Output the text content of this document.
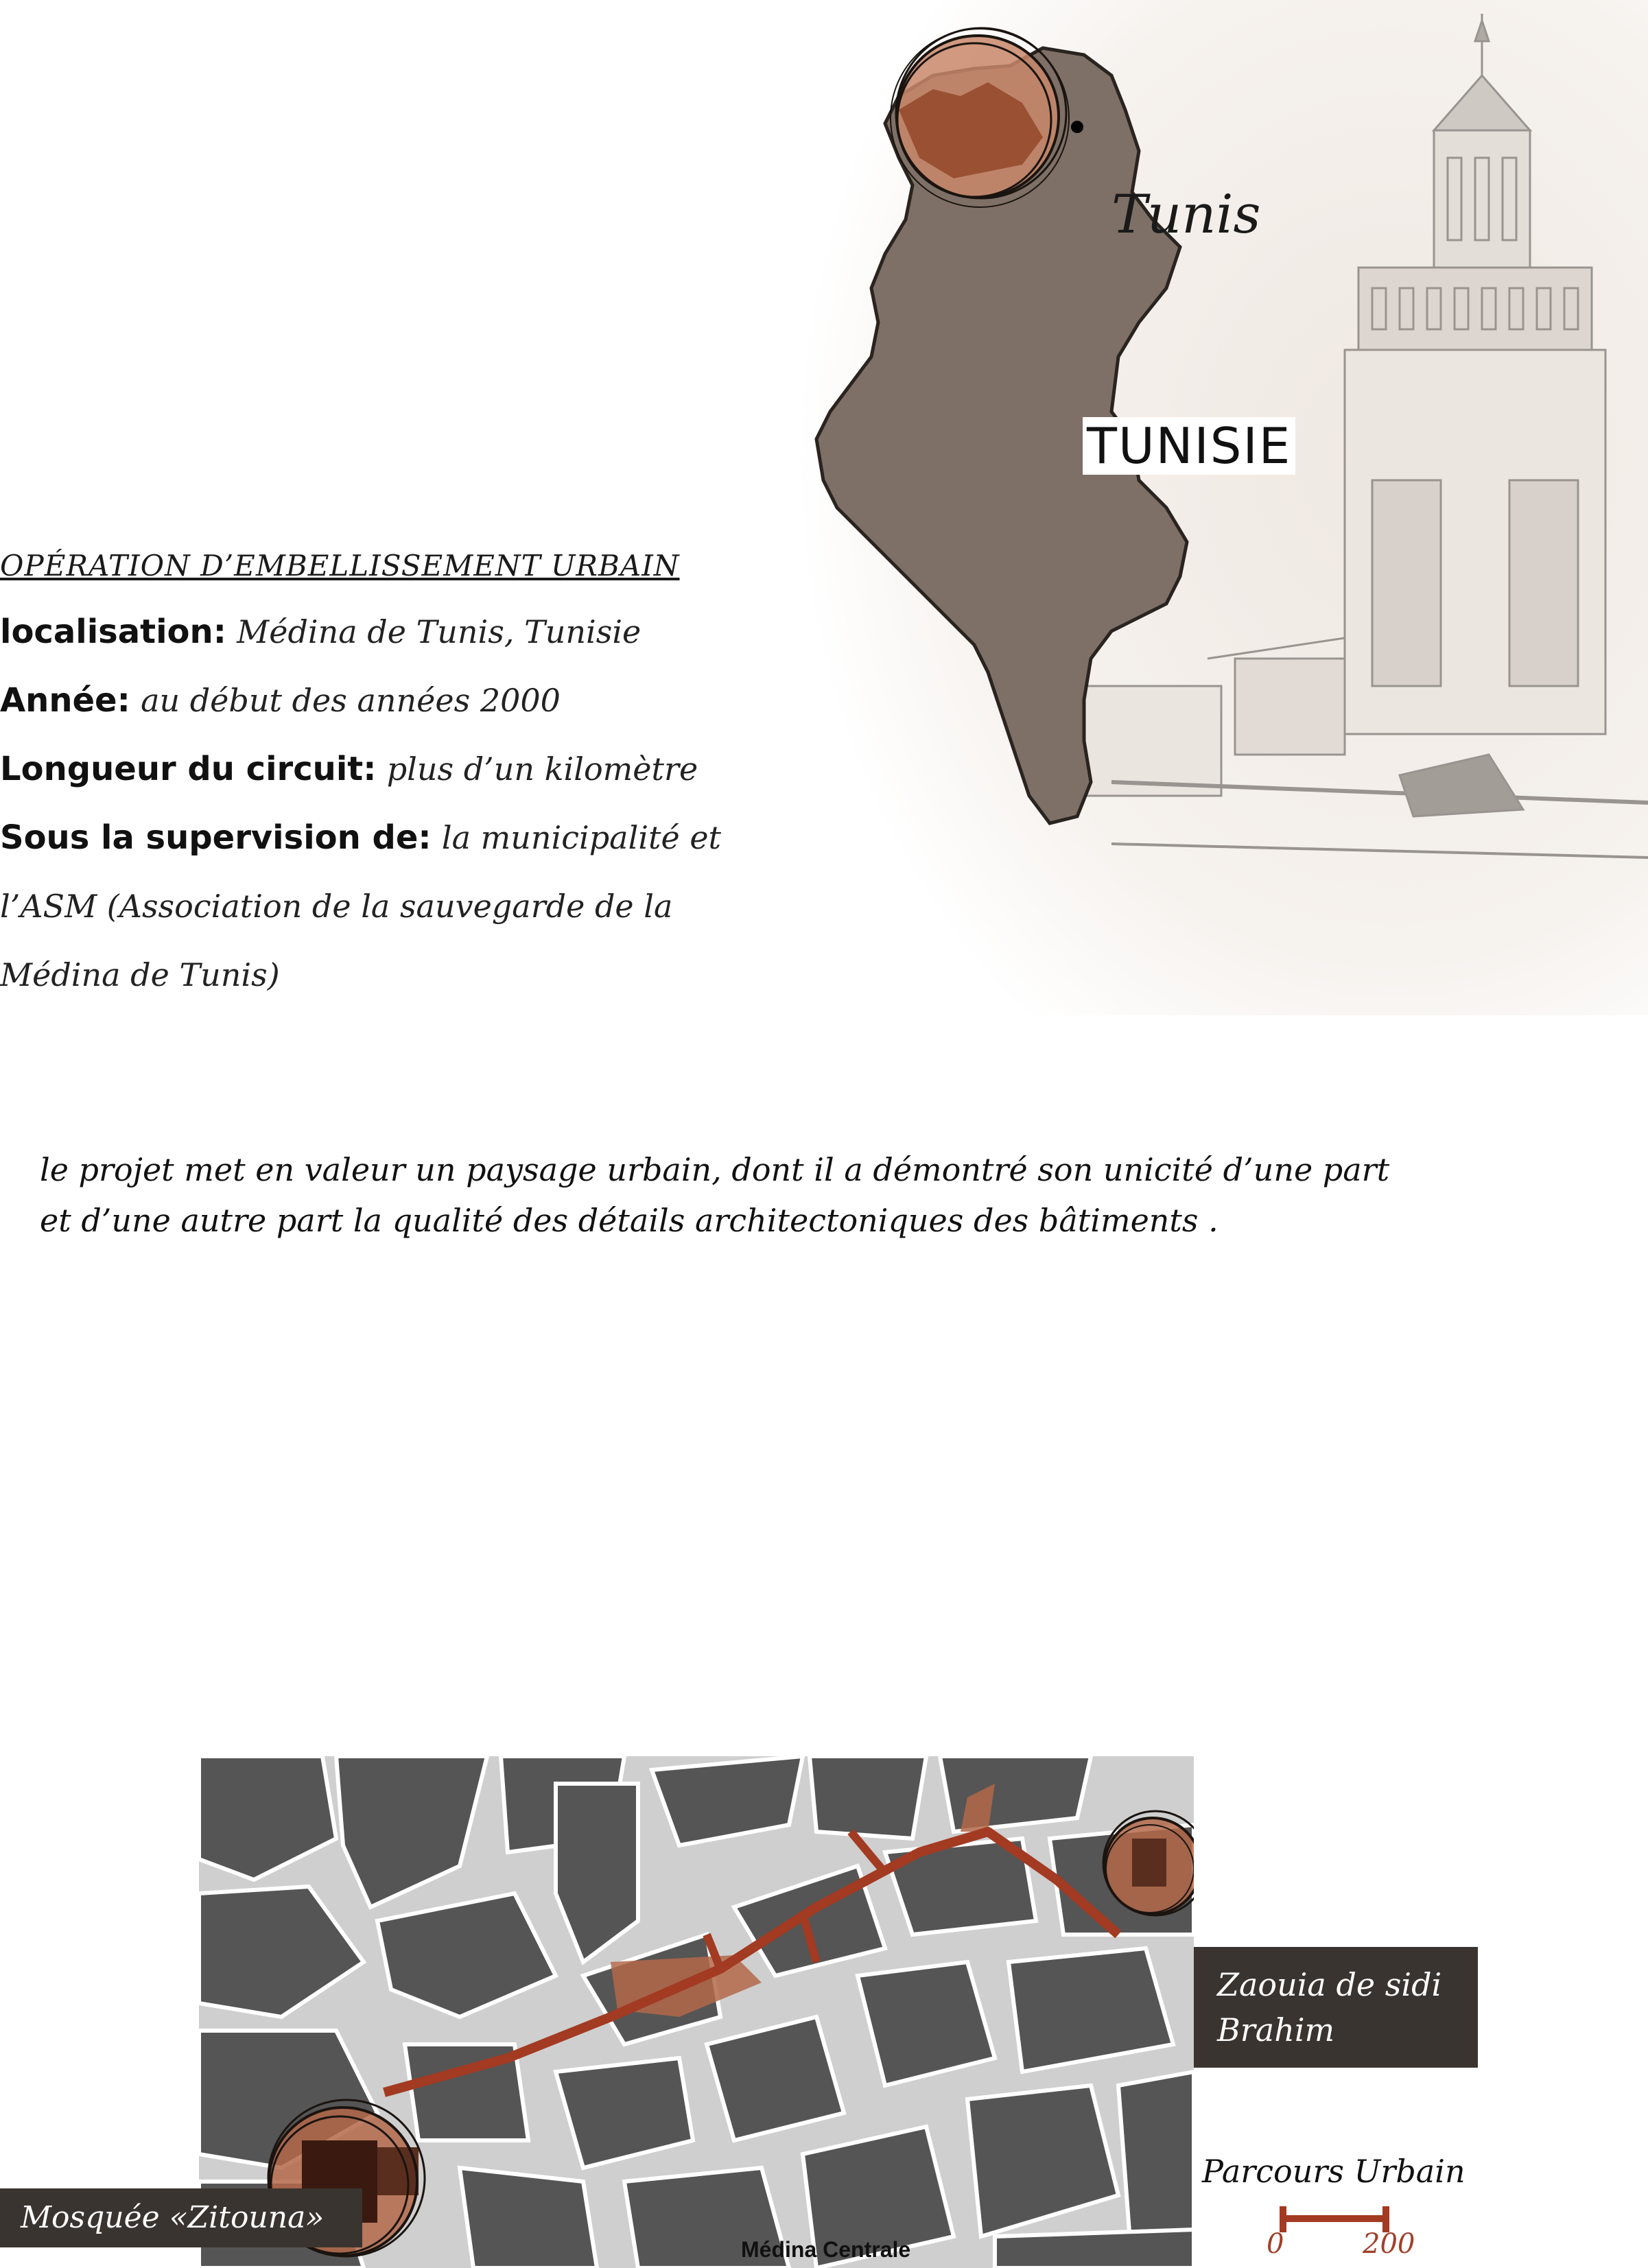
Tunis
TUNISIE
OPÉRATION D’EMBELLISSEMENT URBAIN
localisation: Médina de Tunis, Tunisie
Année: au début des années 2000
Longueur du circuit: plus d’un kilomètre
Sous la supervision de: la municipalité et
l’ASM (Association de la sauvegarde de la
Médina de Tunis)
le projet met en valeur un paysage urbain, dont il a démontré son unicité d’une part
et d’une autre part la qualité des détails architectoniques des bâtiments .
Médina Centrale
Zaouia de sidi
Brahim
Mosquée «Zitouna»
Parcours Urbain
0	200
